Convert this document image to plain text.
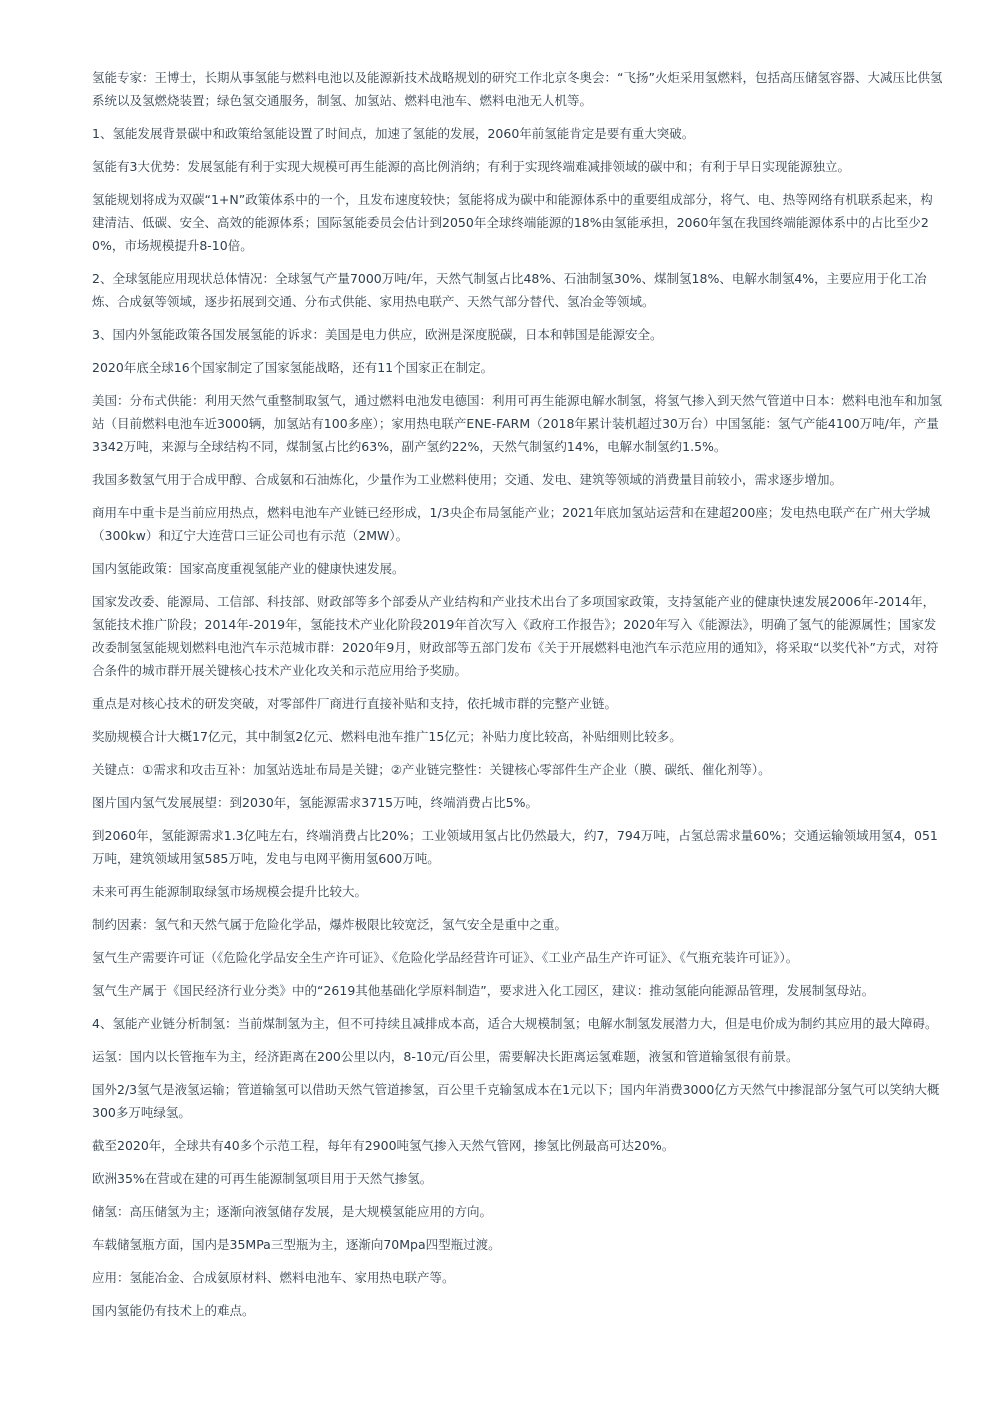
氢能专家：王博士，长期从事氢能与燃料电池以及能源新技术战略规划的研究工作北京冬奥会：“飞扬”火炬采用氢燃料，包括高压储氢容器、大减压比供氢系统以及氢燃烧装置；绿色氢交通服务，制氢、加氢站、燃料电池车、燃料电池无人机等。

1、氢能发展背景碳中和政策给氢能设置了时间点，加速了氢能的发展，2060年前氢能肯定是要有重大突破。

氢能有3大优势：发展氢能有利于实现大规模可再生能源的高比例消纳；有利于实现终端难减排领域的碳中和；有利于早日实现能源独立。

氢能规划将成为双碳“1+N”政策体系中的一个，且发布速度较快；氢能将成为碳中和能源体系中的重要组成部分，将气、电、热等网络有机联系起来，构建清洁、低碳、安全、高效的能源体系；国际氢能委员会估计到2050年全球终端能源的18%由氢能承担，2060年氢在我国终端能源体系中的占比至少20%，市场规模提升8-10倍。

2、全球氢能应用现状总体情况：全球氢气产量7000万吨/年，天然气制氢占比48%、石油制氢30%、煤制氢18%、电解水制氢4%，主要应用于化工冶炼、合成氨等领域，逐步拓展到交通、分布式供能、家用热电联产、天然气部分替代、氢冶金等领域。

3、国内外氢能政策各国发展氢能的诉求：美国是电力供应，欧洲是深度脱碳，日本和韩国是能源安全。

2020年底全球16个国家制定了国家氢能战略，还有11个国家正在制定。

美国：分布式供能：利用天然气重整制取氢气，通过燃料电池发电德国：利用可再生能源电解水制氢，将氢气掺入到天然气管道中日本：燃料电池车和加氢站（目前燃料电池车近3000辆，加氢站有100多座）；家用热电联产ENE-FARM（2018年累计装机超过30万台）中国氢能：氢气产能4100万吨/年，产量3342万吨，来源与全球结构不同，煤制氢占比约63%，副产氢约22%，天然气制氢约14%，电解水制氢约1.5%。

我国多数氢气用于合成甲醇、合成氨和石油炼化，少量作为工业燃料使用；交通、发电、建筑等领域的消费量目前较小，需求逐步增加。

商用车中重卡是当前应用热点，燃料电池车产业链已经形成，1/3央企布局氢能产业；2021年底加氢站运营和在建超200座；发电热电联产在广州大学城（300kw）和辽宁大连营口三证公司也有示范（2MW）。

国内氢能政策：国家高度重视氢能产业的健康快速发展。

国家发改委、能源局、工信部、科技部、财政部等多个部委从产业结构和产业技术出台了多项国家政策，支持氢能产业的健康快速发展2006年-2014年，氢能技术推广阶段；2014年-2019年，氢能技术产业化阶段2019年首次写入《政府工作报告》；2020年写入《能源法》，明确了氢气的能源属性；国家发改委制氢氢能规划燃料电池汽车示范城市群：2020年9月，财政部等五部门发布《关于开展燃料电池汽车示范应用的通知》，将采取“以奖代补”方式，对符合条件的城市群开展关键核心技术产业化攻关和示范应用给予奖励。

重点是对核心技术的研发突破，对零部件厂商进行直接补贴和支持，依托城市群的完整产业链。

奖励规模合计大概17亿元，其中制氢2亿元、燃料电池车推广15亿元；补贴力度比较高，补贴细则比较多。

关键点：①需求和攻击互补：加氢站选址布局是关键；②产业链完整性：关键核心零部件生产企业（膜、碳纸、催化剂等）。

图片国内氢气发展展望：到2030年，氢能源需求3715万吨，终端消费占比5%。

到2060年，氢能源需求1.3亿吨左右，终端消费占比20%；工业领域用氢占比仍然最大，约7，794万吨，占氢总需求量60%；交通运输领域用氢4，051万吨，建筑领域用氢585万吨，发电与电网平衡用氢600万吨。

未来可再生能源制取绿氢市场规模会提升比较大。

制约因素：氢气和天然气属于危险化学品，爆炸极限比较宽泛，氢气安全是重中之重。

氢气生产需要许可证（《危险化学品安全生产许可证》、《危险化学品经营许可证》、《工业产品生产许可证》、《气瓶充装许可证》）。

氢气生产属于《国民经济行业分类》中的“2619其他基础化学原料制造”，要求进入化工园区，建议：推动氢能向能源品管理，发展制氢母站。

4、氢能产业链分析制氢：当前煤制氢为主，但不可持续且减排成本高，适合大规模制氢；电解水制氢发展潜力大，但是电价成为制约其应用的最大障碍。

运氢：国内以长管拖车为主，经济距离在200公里以内，8-10元/百公里，需要解决长距离运氢难题，液氢和管道输氢很有前景。

国外2/3氢气是液氢运输；管道输氢可以借助天然气管道掺氢，百公里千克输氢成本在1元以下；国内年消费3000亿方天然气中掺混部分氢气可以笑纳大概300多万吨绿氢。

截至2020年，全球共有40多个示范工程，每年有2900吨氢气掺入天然气管网，掺氢比例最高可达20%。

欧洲35%在营或在建的可再生能源制氢项目用于天然气掺氢。

储氢：高压储氢为主；逐渐向液氢储存发展，是大规模氢能应用的方向。

车载储氢瓶方面，国内是35MPa三型瓶为主，逐渐向70Mpa四型瓶过渡。

应用：氢能冶金、合成氨原材料、燃料电池车、家用热电联产等。

国内氢能仍有技术上的难点。
